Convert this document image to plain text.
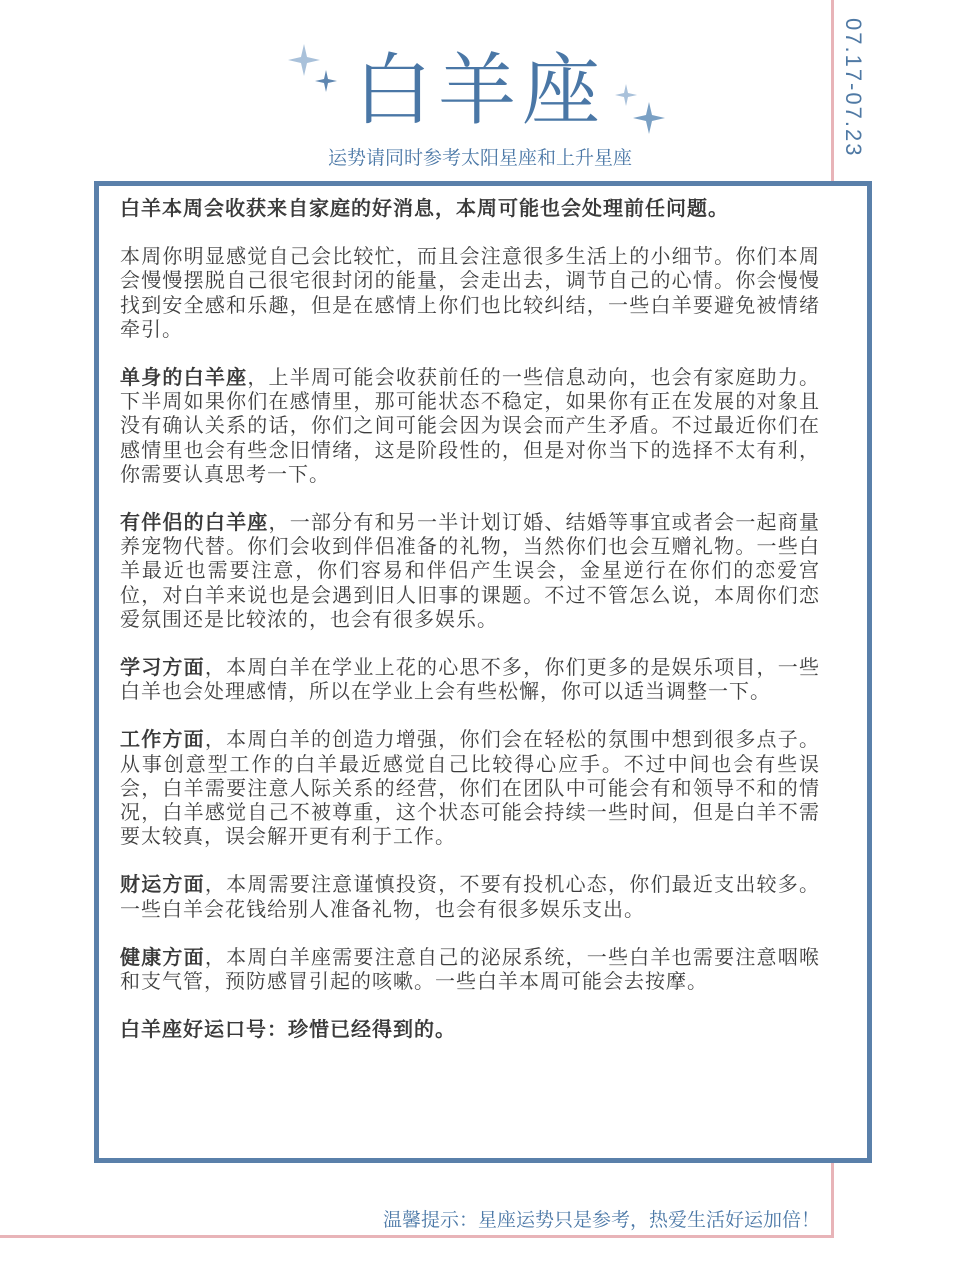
07.17-07.23
白羊座
运势请同时参考太阳星座和上升星座

白羊本周会收获来自家庭的好消息，本周可能也会处理前任问题。

本周你明显感觉自己会比较忙，而且会注意很多生活上的小细节。你们本周会慢慢摆脱自己很宅很封闭的能量，会走出去，调节自己的心情。你会慢慢找到安全感和乐趣，但是在感情上你们也比较纠结，一些白羊要避免被情绪牵引。

单身的白羊座，上半周可能会收获前任的一些信息动向，也会有家庭助力。下半周如果你们在感情里，那可能状态不稳定，如果你有正在发展的对象且没有确认关系的话，你们之间可能会因为误会而产生矛盾。不过最近你们在感情里也会有些念旧情绪，这是阶段性的，但是对你当下的选择不太有利，你需要认真思考一下。

有伴侣的白羊座，一部分有和另一半计划订婚、结婚等事宜或者会一起商量养宠物代替。你们会收到伴侣准备的礼物，当然你们也会互赠礼物。一些白羊最近也需要注意，你们容易和伴侣产生误会，金星逆行在你们的恋爱宫位，对白羊来说也是会遇到旧人旧事的课题。不过不管怎么说，本周你们恋爱氛围还是比较浓的，也会有很多娱乐。

学习方面，本周白羊在学业上花的心思不多，你们更多的是娱乐项目，一些白羊也会处理感情，所以在学业上会有些松懈，你可以适当调整一下。

工作方面，本周白羊的创造力增强，你们会在轻松的氛围中想到很多点子。从事创意型工作的白羊最近感觉自己比较得心应手。不过中间也会有些误会，白羊需要注意人际关系的经营，你们在团队中可能会有和领导不和的情况，白羊感觉自己不被尊重，这个状态可能会持续一些时间，但是白羊不需要太较真，误会解开更有利于工作。

财运方面，本周需要注意谨慎投资，不要有投机心态，你们最近支出较多。一些白羊会花钱给别人准备礼物，也会有很多娱乐支出。

健康方面，本周白羊座需要注意自己的泌尿系统，一些白羊也需要注意咽喉和支气管，预防感冒引起的咳嗽。一些白羊本周可能会去按摩。

白羊座好运口号：珍惜已经得到的。

温馨提示：星座运势只是参考，热爱生活好运加倍！
